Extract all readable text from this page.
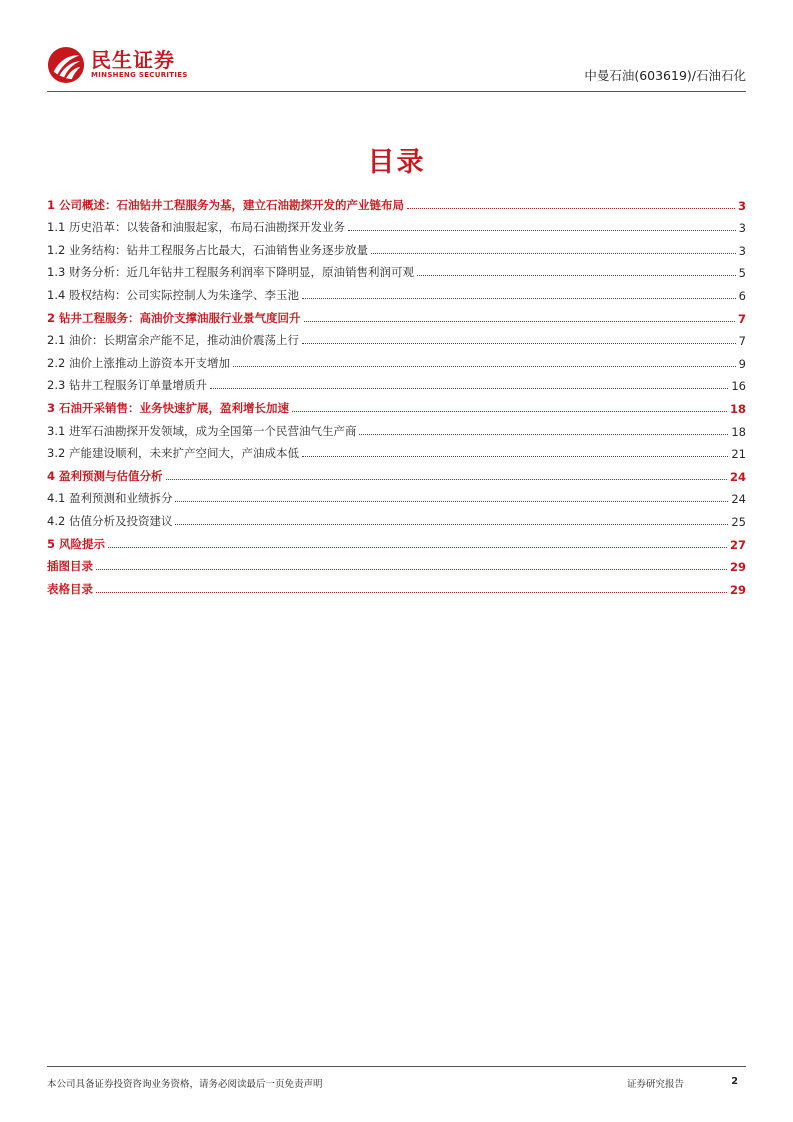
民生证券
MINSHENG SECURITIES	中曼石油(603619)/石油石化
目录
1 公司概述：石油钻井工程服务为基，建立石油勘探开发的产业链布局	3
1.1 历史沿革：以装备和油服起家，布局石油勘探开发业务	3
1.2 业务结构：钻井工程服务占比最大，石油销售业务逐步放量	3
1.3 财务分析：近几年钻井工程服务利润率下降明显，原油销售利润可观	5
1.4 股权结构：公司实际控制人为朱逢学、李玉池	6
2 钻井工程服务：高油价支撑油服行业景气度回升	7
2.1 油价：长期富余产能不足，推动油价震荡上行	7
2.2 油价上涨推动上游资本开支增加	9
2.3 钻井工程服务订单量增质升	16
3 石油开采销售：业务快速扩展，盈利增长加速	18
3.1 进军石油勘探开发领域，成为全国第一个民营油气生产商	18
3.2 产能建设顺利，未来扩产空间大，产油成本低	21
4 盈利预测与估值分析	24
4.1 盈利预测和业绩拆分	24
4.2 估值分析及投资建议	25
5 风险提示	27
插图目录	29
表格目录	29
本公司具备证券投资咨询业务资格，请务必阅读最后一页免责声明	证券研究报告	2
